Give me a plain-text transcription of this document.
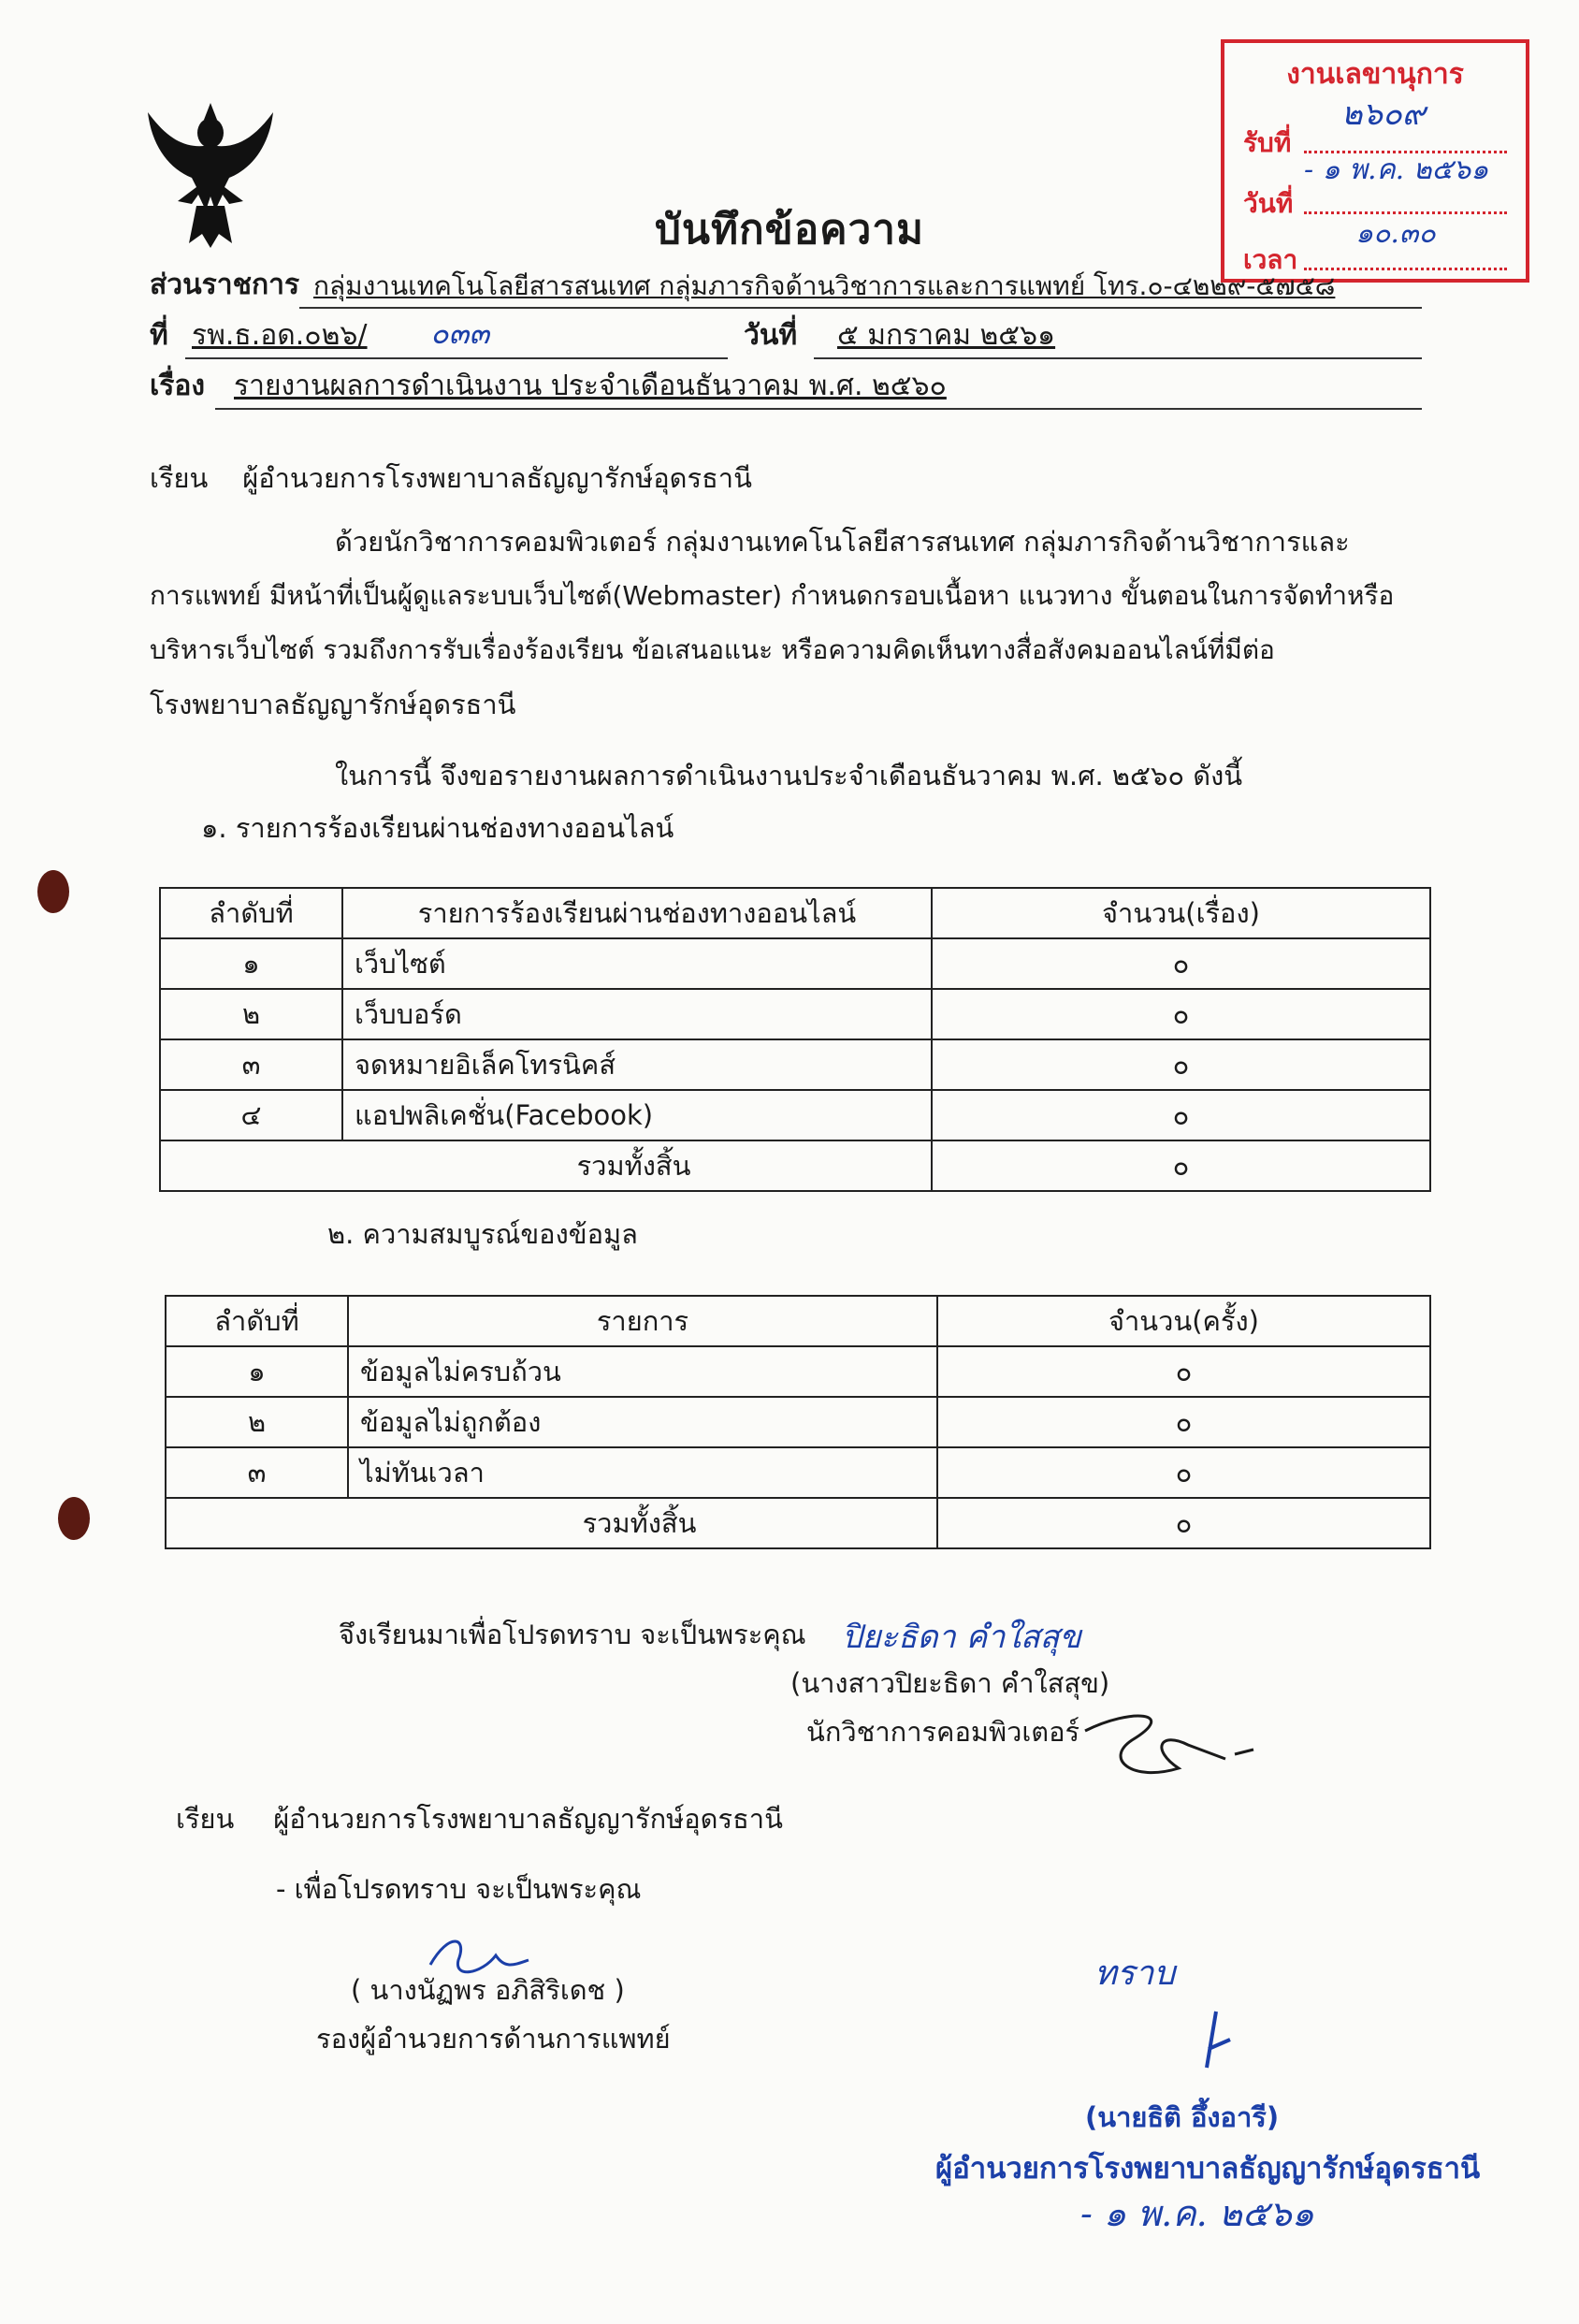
บันทึกข้อความ
งานเลขานุการ
รับที่
๒๖๐๙
วันที่
- ๑ พ.ค. ๒๕๖๑
เวลา
๑๐.๓๐
ส่วนราชการ กลุ่มงานเทคโนโลยีสารสนเทศ กลุ่มภารกิจด้านวิชาการและการแพทย์ โทร.๐-๔๒๒๙-๕๗๕๘
ที่ รพ.ธ.อด.๐๒๖/ ๐๓๓	วันที่ ๕ มกราคม ๒๕๖๑
เรื่อง รายงานผลการดำเนินงาน ประจำเดือนธันวาคม พ.ศ. ๒๕๖๐
เรียน ผู้อำนวยการโรงพยาบาลธัญญารักษ์อุดรธานี
ด้วยนักวิชาการคอมพิวเตอร์ กลุ่มงานเทคโนโลยีสารสนเทศ กลุ่มภารกิจด้านวิชาการและ
การแพทย์ มีหน้าที่เป็นผู้ดูแลระบบเว็บไซต์(Webmaster) กำหนดกรอบเนื้อหา แนวทาง ขั้นตอนในการจัดทำหรือ
บริหารเว็บไซต์ รวมถึงการรับเรื่องร้องเรียน ข้อเสนอแนะ หรือความคิดเห็นทางสื่อสังคมออนไลน์ที่มีต่อ
โรงพยาบาลธัญญารักษ์อุดรธานี
ในการนี้ จึงขอรายงานผลการดำเนินงานประจำเดือนธันวาคม พ.ศ. ๒๕๖๐ ดังนี้
๑. รายการร้องเรียนผ่านช่องทางออนไลน์
ลำดับที่	รายการร้องเรียนผ่านช่องทางออนไลน์	จำนวน(เรื่อง)
๑	เว็บไซต์	๐
๒	เว็บบอร์ด	๐
๓	จดหมายอิเล็คโทรนิคส์	๐
๔	แอปพลิเคชั่น(Facebook)	๐
รวมทั้งสิ้น		๐
๒. ความสมบูรณ์ของข้อมูล
ลำดับที่	รายการ	จำนวน(ครั้ง)
๑	ข้อมูลไม่ครบถ้วน	๐
๒	ข้อมูลไม่ถูกต้อง	๐
๓	ไม่ทันเวลา	๐
รวมทั้งสิ้น		๐
จึงเรียนมาเพื่อโปรดทราบ จะเป็นพระคุณ ปิยะธิดา คำใสสุข
(นางสาวปิยะธิดา คำใสสุข)
นักวิชาการคอมพิวเตอร์
เรียน ผู้อำนวยการโรงพยาบาลธัญญารักษ์อุดรธานี
- เพื่อโปรดทราบ จะเป็นพระคุณ
( นางนัฏพร อภิสิริเดช )
รองผู้อำนวยการด้านการแพทย์
ทราบ
(นายธิติ อึ้งอารี)
ผู้อำนวยการโรงพยาบาลธัญญารักษ์อุดรธานี
- ๑ พ.ค. ๒๕๖๑
